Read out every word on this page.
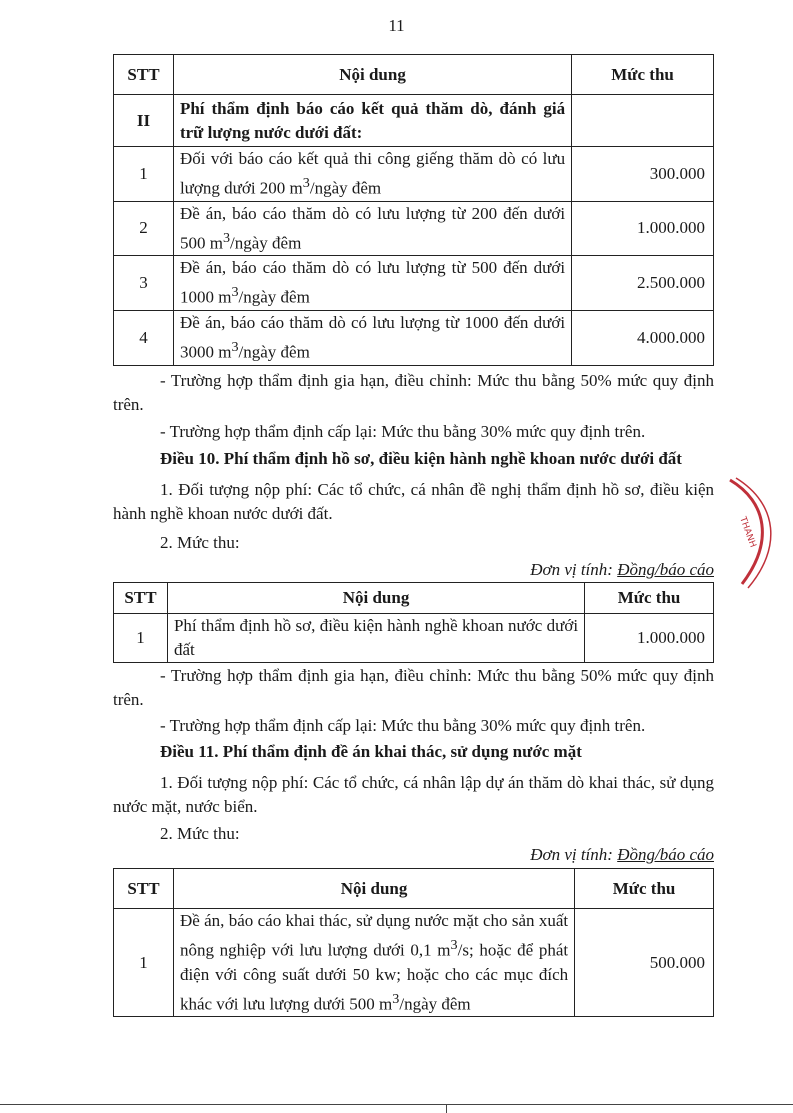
11
STT	Nội dung	Mức thu
II	Phí thẩm định báo cáo kết quả thăm dò, đánh giá trữ lượng nước dưới đất:	
1	Đối với báo cáo kết quả thi công giếng thăm dò có lưu lượng dưới 200 $m^3$/ngày đêm	300.000
2	Đề án, báo cáo thăm dò có lưu lượng từ 200 đến dưới 500 $m^3$/ngày đêm	1.000.000
3	Đề án, báo cáo thăm dò có lưu lượng từ 500 đến dưới 1000 $m^3$/ngày đêm	2.500.000
4	Đề án, báo cáo thăm dò có lưu lượng từ 1000 đến dưới 3000 $m^3$/ngày đêm	4.000.000
- Trường hợp thẩm định gia hạn, điều chỉnh: Mức thu bằng 50% mức quy định trên.
- Trường hợp thẩm định cấp lại: Mức thu bằng 30% mức quy định trên.
Điều 10. Phí thẩm định hồ sơ, điều kiện hành nghề khoan nước dưới đất
1. Đối tượng nộp phí: Các tổ chức, cá nhân đề nghị thẩm định hồ sơ, điều kiện hành nghề khoan nước dưới đất.
2. Mức thu:
Đơn vị tính: Đồng/báo cáo
STT	Nội dung	Mức thu
1	Phí thẩm định hồ sơ, điều kiện hành nghề khoan nước dưới đất	1.000.000
- Trường hợp thẩm định gia hạn, điều chỉnh: Mức thu bằng 50% mức quy định trên.
- Trường hợp thẩm định cấp lại: Mức thu bằng 30% mức quy định trên.
Điều 11. Phí thẩm định đề án khai thác, sử dụng nước mặt
1. Đối tượng nộp phí: Các tổ chức, cá nhân lập dự án thăm dò khai thác, sử dụng nước mặt, nước biển.
2. Mức thu:
Đơn vị tính: Đồng/báo cáo
STT	Nội dung	Mức thu
1	Đề án, báo cáo khai thác, sử dụng nước mặt cho sản xuất nông nghiệp với lưu lượng dưới 0,1 $m^3/s$; hoặc để phát điện với công suất dưới 50 kw; hoặc cho các mục đích khác với lưu lượng dưới 500 $m^3$/ngày đêm	500.000
THANH
